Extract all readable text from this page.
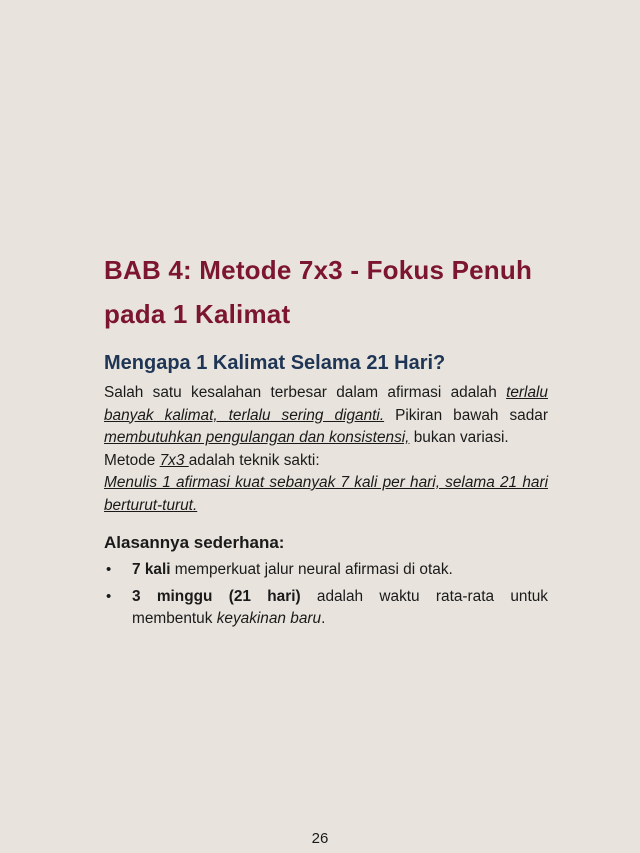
BAB 4: Metode 7x3 - Fokus Penuh pada 1 Kalimat
Mengapa 1 Kalimat Selama 21 Hari?

Salah satu kesalahan terbesar dalam afirmasi adalah terlalu banyak kalimat, terlalu sering diganti. Pikiran bawah sadar membutuhkan pengulangan dan konsistensi, bukan variasi.
Metode 7x3 adalah teknik sakti:
Menulis 1 afirmasi kuat sebanyak 7 kali per hari, selama 21 hari berturut-turut.

Alasannya sederhana:
• 7 kali memperkuat jalur neural afirmasi di otak.
• 3 minggu (21 hari) adalah waktu rata-rata untuk membentuk keyakinan baru.
26
